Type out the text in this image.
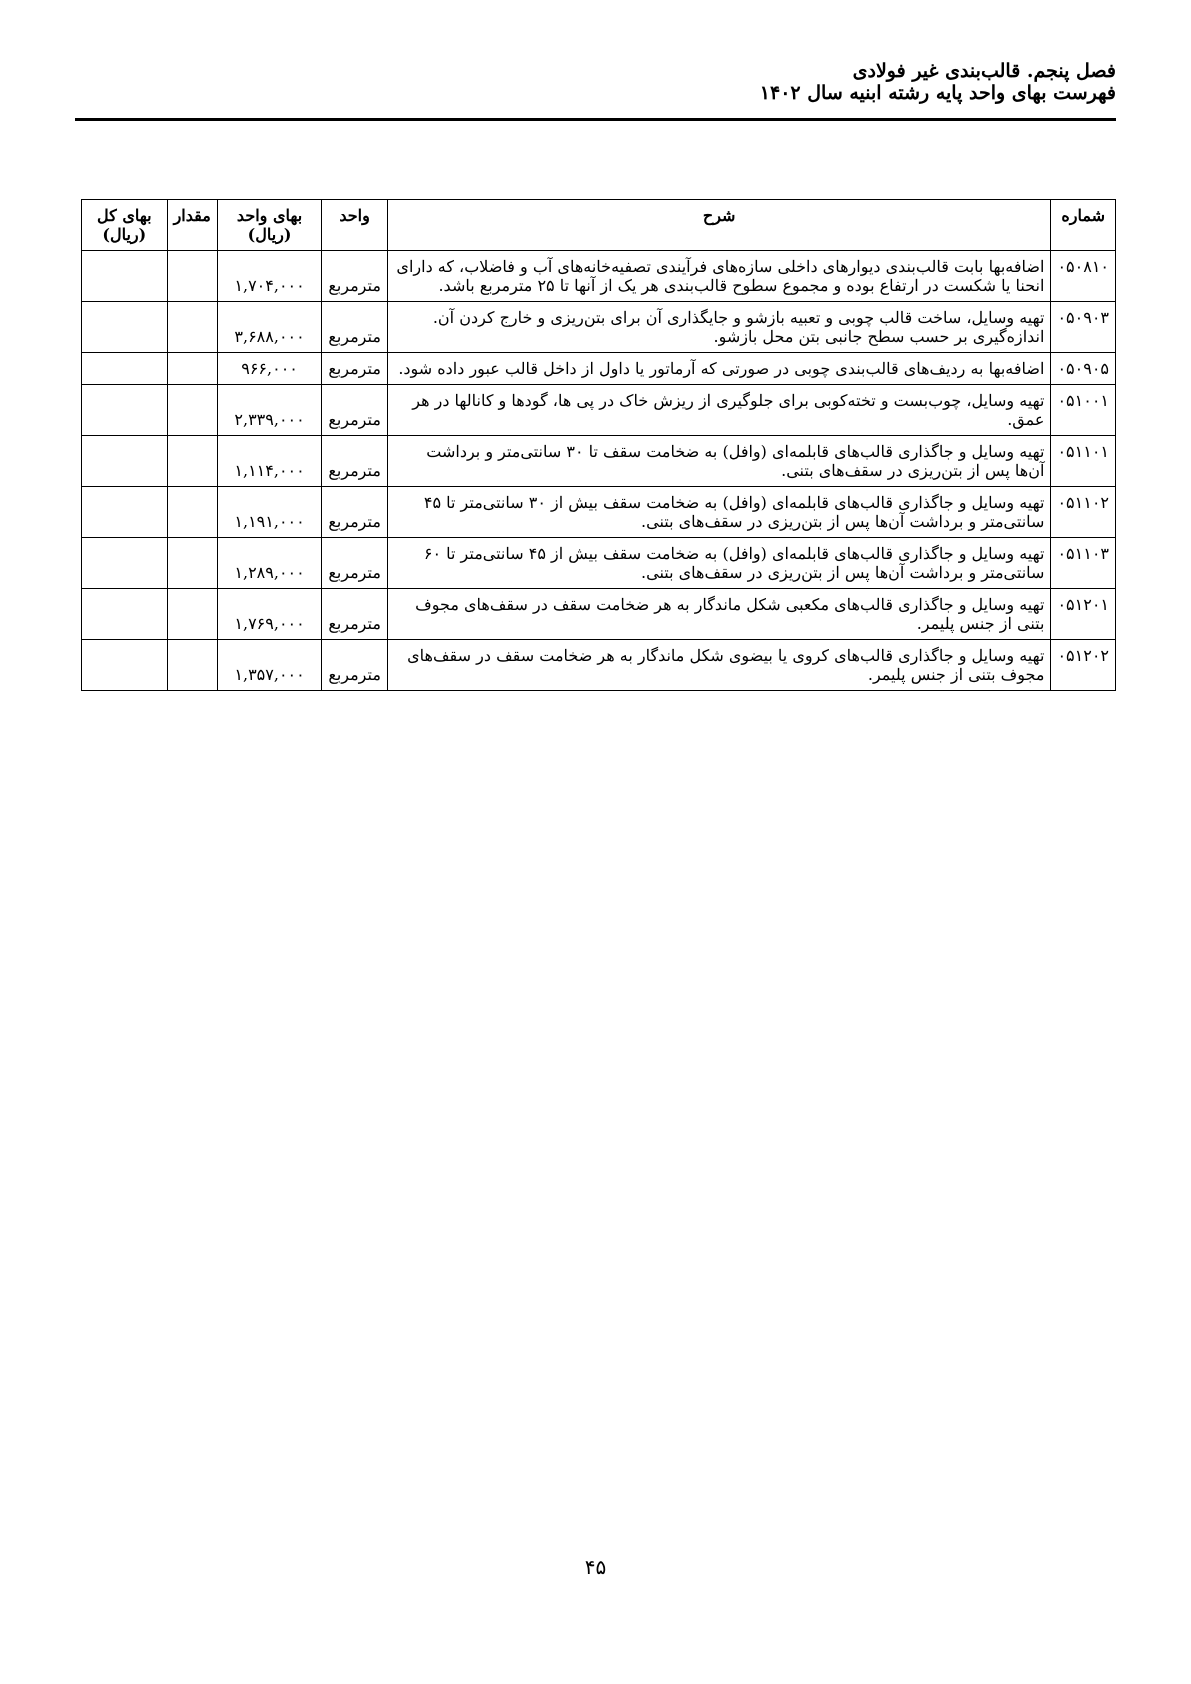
فصل پنجم. قالب‌بندی غیر فولادی
فهرست بهای واحد پایه رشته ابنیه سال ۱۴۰۲
شماره	شرح	واحد	بهای واحد (ریال)	مقدار	بهای کل (ریال)
۰۵۰۸۱۰	اضافه‌بها بابت قالب‌بندی دیوارهای داخلی سازه‌های فرآیندی تصفیه‌خانه‌های آب و فاضلاب، که دارای انحنا یا شکست در ارتفاع بوده و مجموع سطوح قالب‌بندی هر یک از آنها تا ۲۵ مترمربع باشد.	مترمربع	۱,۷۰۴,۰۰۰		
۰۵۰۹۰۳	تهیه وسایل، ساخت قالب چوبی و تعبیه بازشو و جایگذاری آن برای بتن‌ریزی و خارج کردن آن. اندازه‌گیری بر حسب سطح جانبی بتن محل بازشو.	مترمربع	۳,۶۸۸,۰۰۰		
۰۵۰۹۰۵	اضافه‌بها به ردیف‌های قالب‌بندی چوبی در صورتی که آرماتور یا داول از داخل قالب عبور داده شود.	مترمربع	۹۶۶,۰۰۰		
۰۵۱۰۰۱	تهیه وسایل، چوب‌بست و تخته‌کوبی برای جلوگیری از ریزش خاک در پی ها، گودها و کانالها در هر عمق.	مترمربع	۲,۳۳۹,۰۰۰		
۰۵۱۱۰۱	تهیه وسایل و جاگذاری قالب‌های قابلمه‌ای (وافل) به ضخامت سقف تا ۳۰ سانتی‌متر و برداشت آن‌ها پس از بتن‌ریزی در سقف‌های بتنی.	مترمربع	۱,۱۱۴,۰۰۰		
۰۵۱۱۰۲	تهیه وسایل و جاگذاری قالب‌های قابلمه‌ای (وافل) به ضخامت سقف بیش از ۳۰ سانتی‌متر تا ۴۵ سانتی‌متر و برداشت آن‌ها پس از بتن‌ریزی در سقف‌های بتنی.	مترمربع	۱,۱۹۱,۰۰۰		
۰۵۱۱۰۳	تهیه وسایل و جاگذاری قالب‌های قابلمه‌ای (وافل) به ضخامت سقف بیش از ۴۵ سانتی‌متر تا ۶۰ سانتی‌متر و برداشت آن‌ها پس از بتن‌ریزی در سقف‌های بتنی.	مترمربع	۱,۲۸۹,۰۰۰		
۰۵۱۲۰۱	تهیه وسایل و جاگذاری قالب‌های مکعبی شکل ماندگار به هر ضخامت سقف در سقف‌های مجوف بتنی از جنس پلیمر.	مترمربع	۱,۷۶۹,۰۰۰		
۰۵۱۲۰۲	تهیه وسایل و جاگذاری قالب‌های کروی یا بیضوی شکل ماندگار به هر ضخامت سقف در سقف‌های مجوف بتنی از جنس پلیمر.	مترمربع	۱,۳۵۷,۰۰۰		
۴۵
